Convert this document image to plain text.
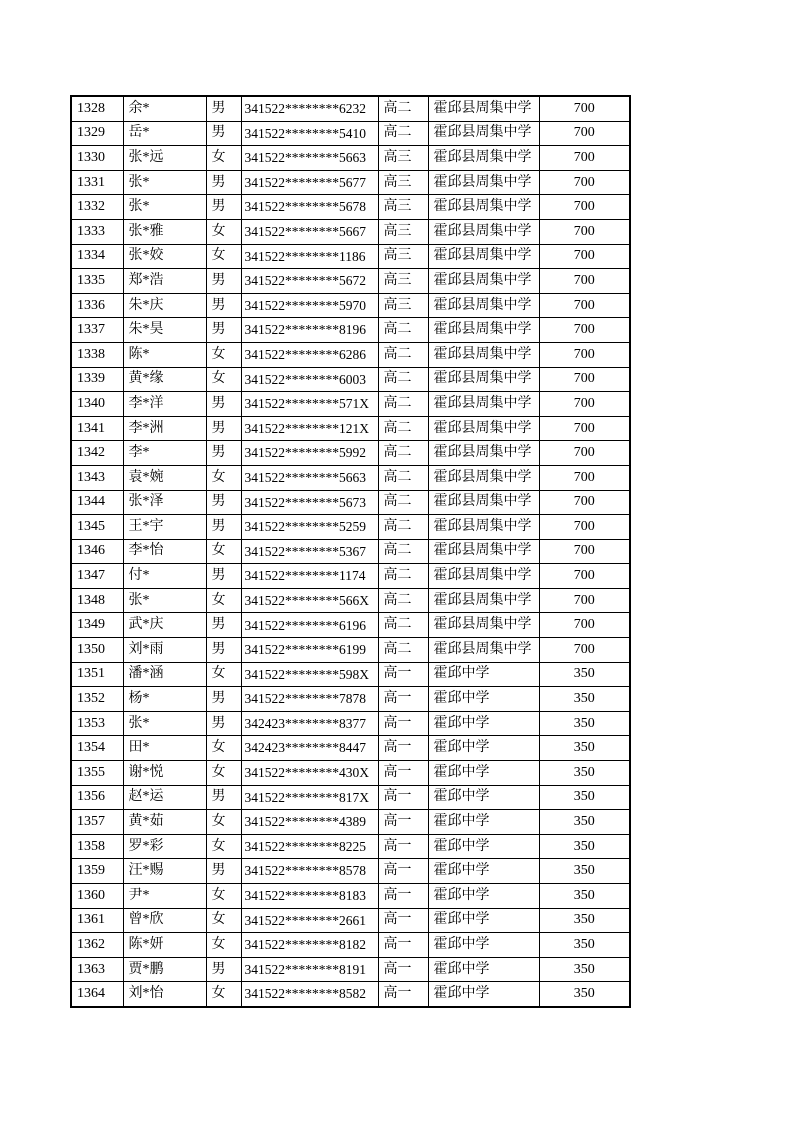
1328	余*	男	341522********6232	高二	霍邱县周集中学	700
1329	岳*	男	341522********5410	高二	霍邱县周集中学	700
1330	张*远	女	341522********5663	高三	霍邱县周集中学	700
1331	张*	男	341522********5677	高三	霍邱县周集中学	700
1332	张*	男	341522********5678	高三	霍邱县周集中学	700
1333	张*雅	女	341522********5667	高三	霍邱县周集中学	700
1334	张*姣	女	341522********1186	高三	霍邱县周集中学	700
1335	郑*浩	男	341522********5672	高三	霍邱县周集中学	700
1336	朱*庆	男	341522********5970	高三	霍邱县周集中学	700
1337	朱*昊	男	341522********8196	高二	霍邱县周集中学	700
1338	陈*	女	341522********6286	高二	霍邱县周集中学	700
1339	黄*缘	女	341522********6003	高二	霍邱县周集中学	700
1340	李*洋	男	341522********571X	高二	霍邱县周集中学	700
1341	李*洲	男	341522********121X	高二	霍邱县周集中学	700
1342	李*	男	341522********5992	高二	霍邱县周集中学	700
1343	袁*婉	女	341522********5663	高二	霍邱县周集中学	700
1344	张*泽	男	341522********5673	高二	霍邱县周集中学	700
1345	王*宇	男	341522********5259	高二	霍邱县周集中学	700
1346	李*怡	女	341522********5367	高二	霍邱县周集中学	700
1347	付*	男	341522********1174	高二	霍邱县周集中学	700
1348	张*	女	341522********566X	高二	霍邱县周集中学	700
1349	武*庆	男	341522********6196	高二	霍邱县周集中学	700
1350	刘*雨	男	341522********6199	高二	霍邱县周集中学	700
1351	潘*涵	女	341522********598X	高一	霍邱中学	350
1352	杨*	男	341522********7878	高一	霍邱中学	350
1353	张*	男	342423********8377	高一	霍邱中学	350
1354	田*	女	342423********8447	高一	霍邱中学	350
1355	谢*悦	女	341522********430X	高一	霍邱中学	350
1356	赵*运	男	341522********817X	高一	霍邱中学	350
1357	黄*茹	女	341522********4389	高一	霍邱中学	350
1358	罗*彩	女	341522********8225	高一	霍邱中学	350
1359	汪*赐	男	341522********8578	高一	霍邱中学	350
1360	尹*	女	341522********8183	高一	霍邱中学	350
1361	曾*欣	女	341522********2661	高一	霍邱中学	350
1362	陈*妍	女	341522********8182	高一	霍邱中学	350
1363	贾*鹏	男	341522********8191	高一	霍邱中学	350
1364	刘*怡	女	341522********8582	高一	霍邱中学	350
